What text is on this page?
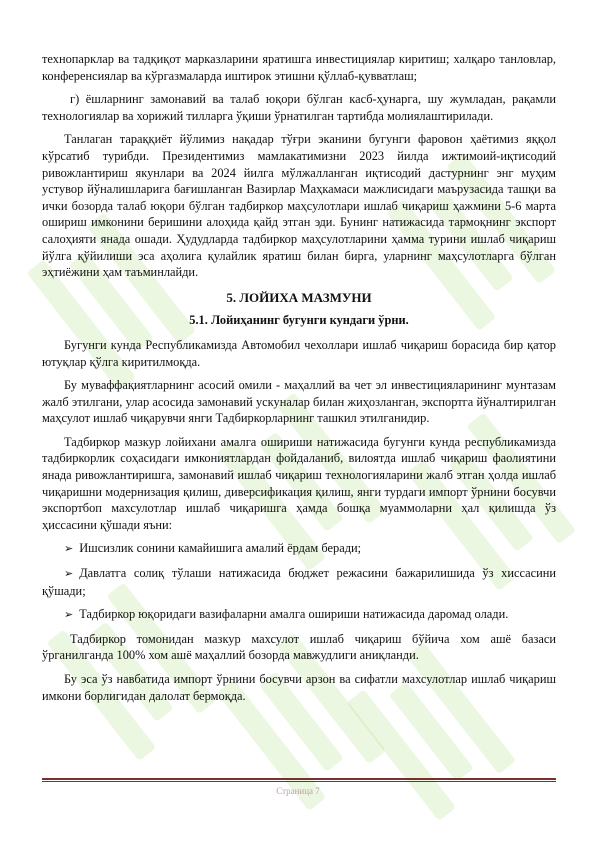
технопарклар ва тадқиқот марказларини яратишга инвестициялар киритиш; халқаро танловлар, конференсиялар ва кўргазмаларда иштирок этишни қўллаб-қувватлаш;

г) ёшларнинг замонавий ва талаб юқори бўлган касб-ҳунарга, шу жумладан, рақамли технологиялар ва хорижий тилларга ўқиши ўрнатилган тартибда молиялаштирилади.

Танлаган тараққиёт йўлимиз нақадар тўғри эканини бугунги фаровон ҳаётимиз яққол кўрсатиб турибди. Президентимиз мамлакатимизни 2023 йилда ижтимоий-иқтисодий ривожлантириш якунлари ва 2024 йилга мўлжалланган иқтисодий дастурнинг энг муҳим устувор йўналишларига бағишланган Вазирлар Маҳкамаси мажлисидаги маърузасида ташқи ва ички бозорда талаб юқори бўлган тадбиркор маҳсулотлари ишлаб чиқариш ҳажмини 5-6 марта ошириш имконини беришини алоҳида қайд этган эди. Бунинг натижасида тармоқнинг экспорт салоҳияти янада ошади. Ҳудудларда тадбиркор маҳсулотларини ҳамма турини ишлаб чиқариш йўлга қўйилиши эса аҳолига қулайлик яратиш билан бирга, уларнинг маҳсулотларга бўлган эҳтиёжини ҳам таъминлайди.

5. ЛОЙИХА МАЗМУНИ

5.1. Лойиҳанинг бугунги кундаги ўрни.

Бугунги кунда Республикамизда Автомобил чехоллари ишлаб чиқариш борасида бир қатор ютуқлар қўлга киритилмоқда.

Бу муваффақиятларнинг асосий омили - маҳаллий ва чет эл инвестицияларининг мунтазам жалб этилгани, улар асосида замонавий ускуналар билан жиҳозланган, экспортга йўналтирилган маҳсулот ишлаб чиқарувчи янги Тадбиркорларнинг ташкил этилганидир.

Тадбиркор мазкур лойихани амалга ошириши натижасида бугунги кунда республикамизда тадбиркорлик соҳасидаги имкониятлардан фойдаланиб, вилоятда ишлаб чиқариш фаолиятини янада ривожлантиришга, замонавий ишлаб чиқариш технологияларини жалб этган ҳолда ишлаб чиқаришни модернизация қилиш, диверсификация қилиш, янги турдаги импорт ўрнини босувчи экспортбоп махсулотлар ишлаб чиқаришга ҳамда бошқа муаммоларни ҳал қилишда ўз ҳиссасини қўшади яъни:

➢ Ишсизлик сонини камайишига амалий ёрдам беради;

➢ Давлатга солиқ тўлаши натижасида бюджет режасини бажарилишида ўз хиссасини қўшади;

➢ Тадбиркор юқоридаги вазифаларни амалга ошириши натижасида даромад олади.

Тадбиркор томонидан мазкур махсулот ишлаб чиқариш бўйича хом ашё базаси ўрганилганда 100% хом ашё маҳаллий бозорда мавжудлиги аниқланди.

Бу эса ўз навбатида импорт ўрнини босувчи арзон ва сифатли махсулотлар ишлаб чиқариш имкони борлигидан далолат бермоқда.

Страница 7
